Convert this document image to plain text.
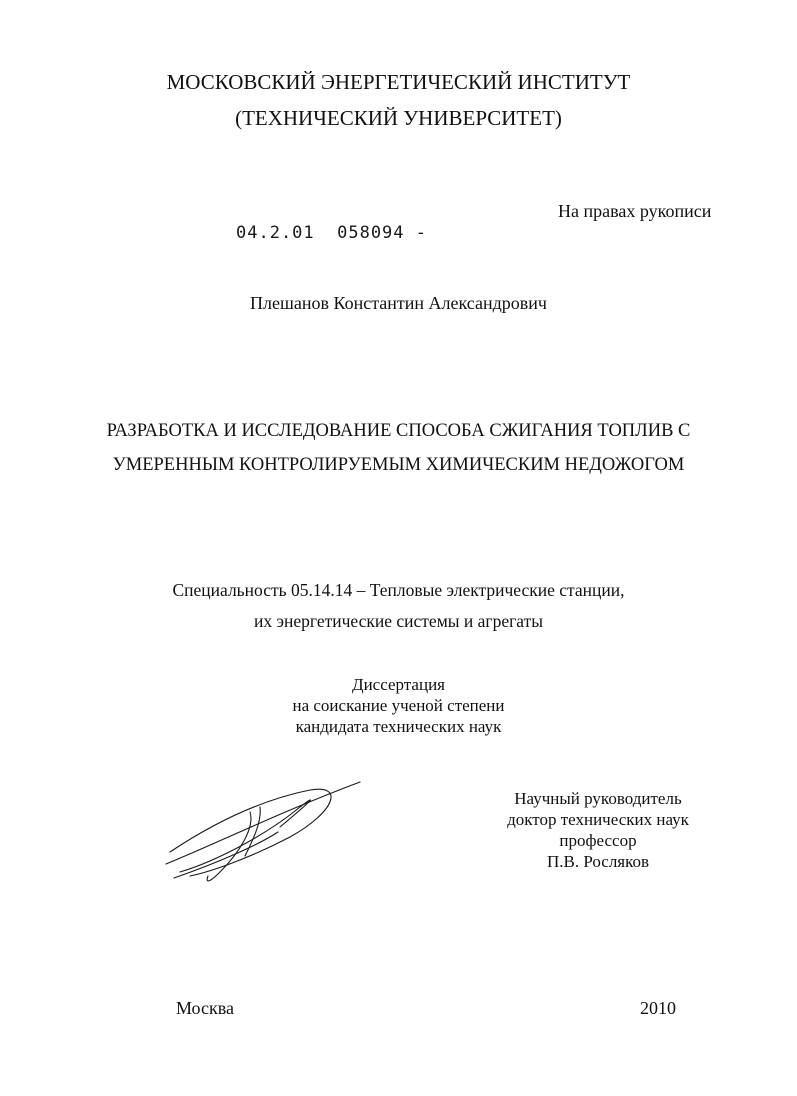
МОСКОВСКИЙ ЭНЕРГЕТИЧЕСКИЙ ИНСТИТУТ
(ТЕХНИЧЕСКИЙ УНИВЕРСИТЕТ)
На правах рукописи
04.2.01  058094 -
Плешанов Константин Александрович
РАЗРАБОТКА И ИССЛЕДОВАНИЕ СПОСОБА СЖИГАНИЯ ТОПЛИВ С
УМЕРЕННЫМ КОНТРОЛИРУЕМЫМ ХИМИЧЕСКИМ НЕДОЖОГОМ
Специальность 05.14.14 – Тепловые электрические станции,
их энергетические системы и агрегаты
Диссертация
на соискание ученой степени
кандидата технических наук
Научный руководитель
доктор технических наук
профессор
П.В. Росляков
Москва	2010
